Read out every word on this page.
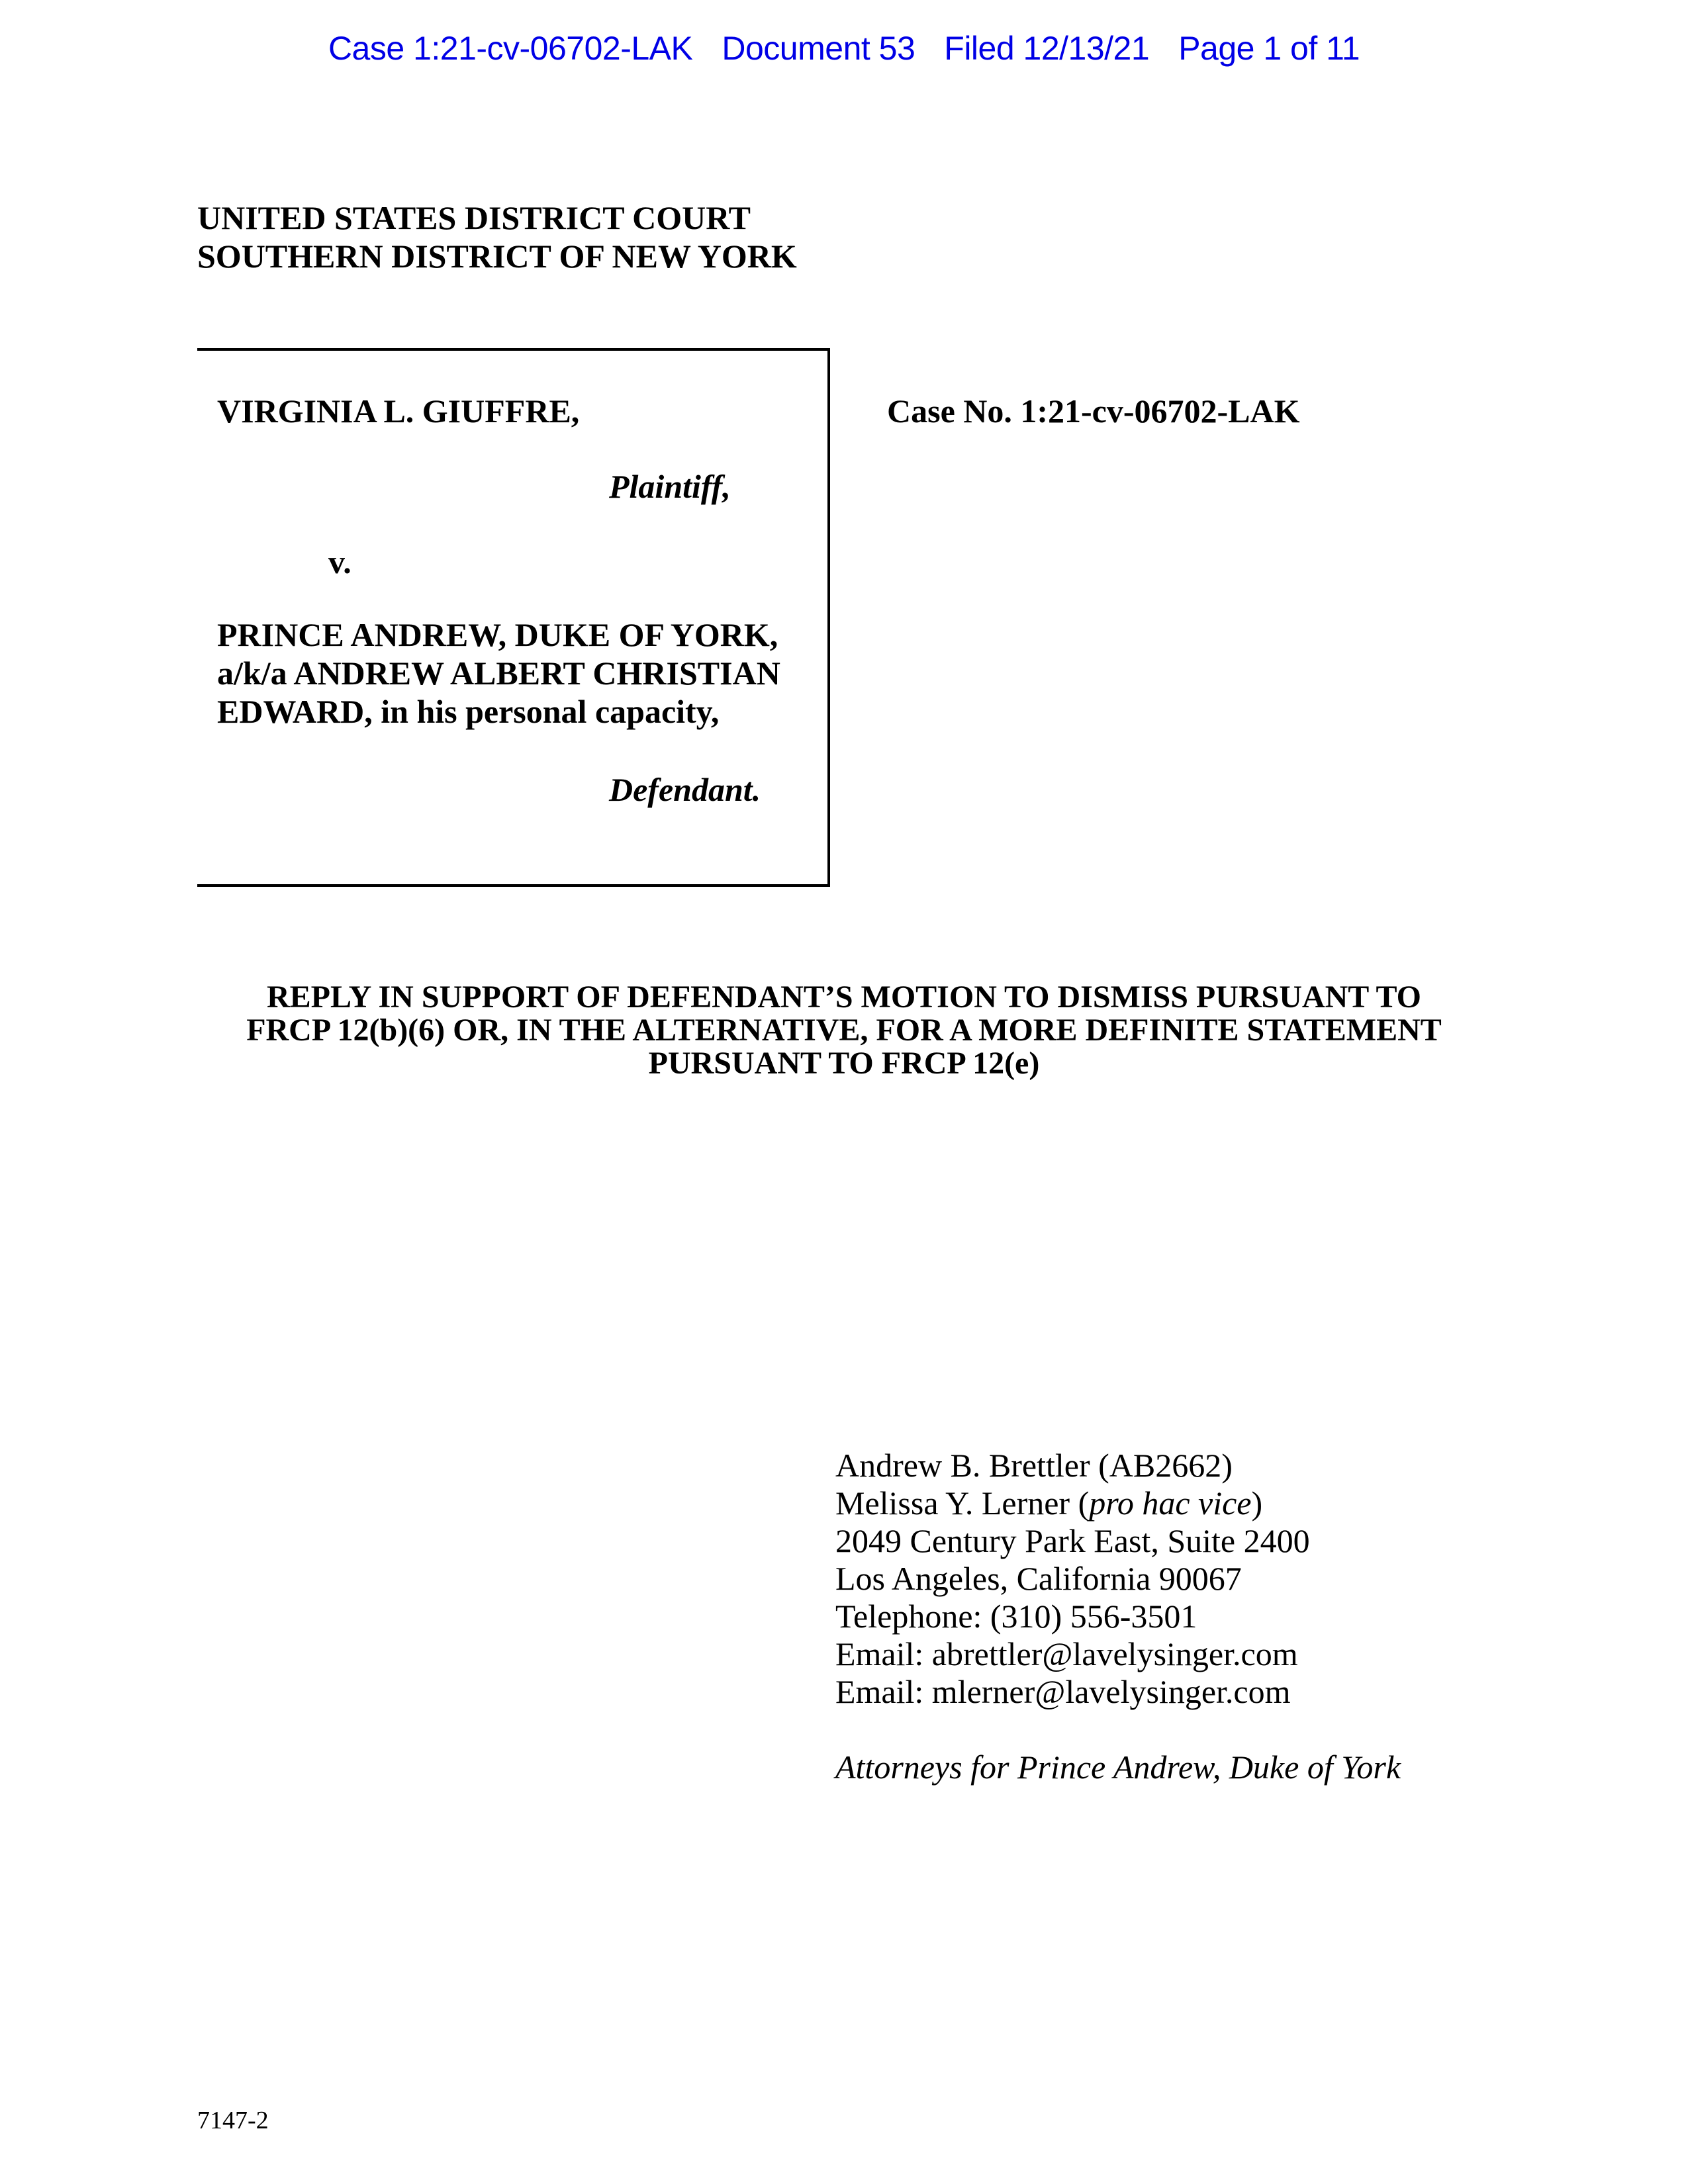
Case 1:21-cv-06702-LAK Document 53 Filed 12/13/21 Page 1 of 11
UNITED STATES DISTRICT COURT
SOUTHERN DISTRICT OF NEW YORK
VIRGINIA L. GIUFFRE,
Plaintiff,
v.
PRINCE ANDREW, DUKE OF YORK,
a/k/a ANDREW ALBERT CHRISTIAN
EDWARD, in his personal capacity,
Defendant.
Case No. 1:21-cv-06702-LAK
REPLY IN SUPPORT OF DEFENDANT’S MOTION TO DISMISS PURSUANT TO
FRCP 12(b)(6) OR, IN THE ALTERNATIVE, FOR A MORE DEFINITE STATEMENT
PURSUANT TO FRCP 12(e)
Andrew B. Brettler (AB2662)
Melissa Y. Lerner (pro hac vice)
2049 Century Park East, Suite 2400
Los Angeles, California 90067
Telephone: (310) 556-3501
Email: abrettler@lavelysinger.com
Email: mlerner@lavelysinger.com
Attorneys for Prince Andrew, Duke of York
7147-2
